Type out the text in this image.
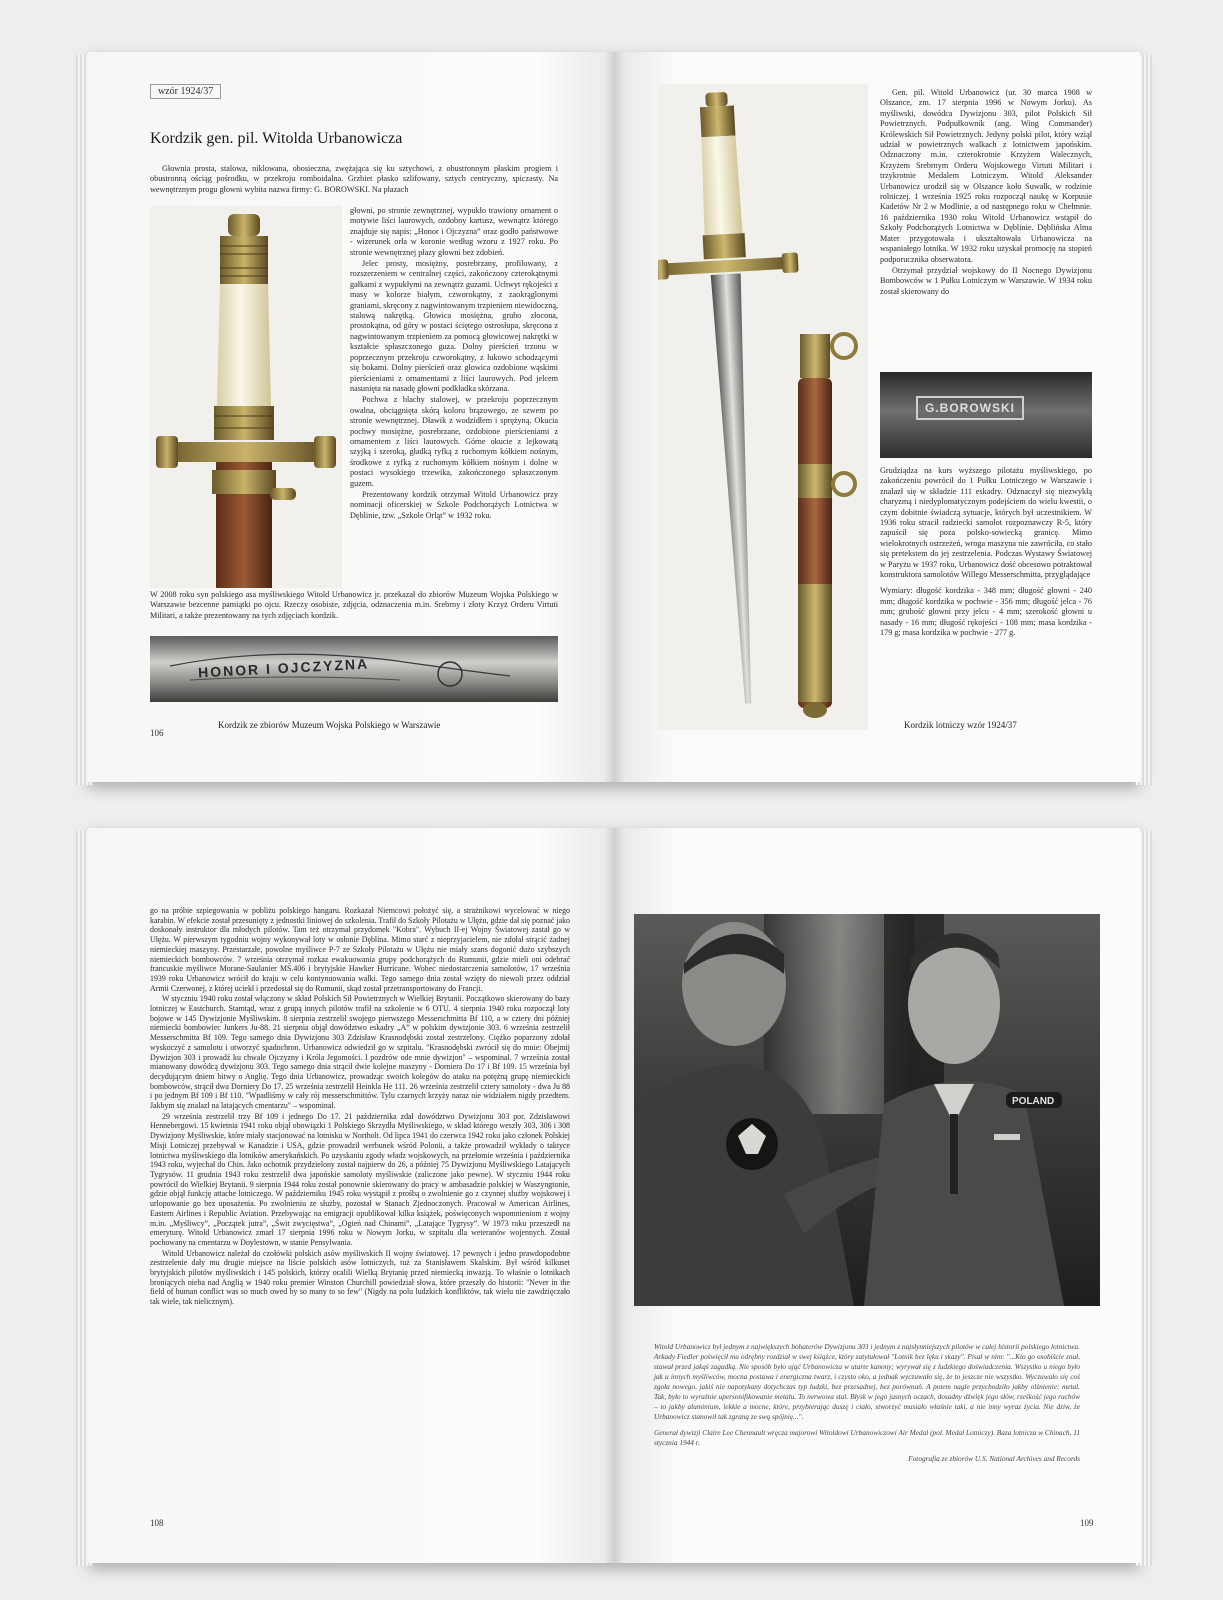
wzór 1924/37
Kordzik gen. pil. Witolda Urbanowicza

Głownia prosta, stalowa, niklowana, obosieczna, zwężająca się ku sztychowi, z obustronnym płaskim progiem i obustronną ościąg pośrodku, w przekroju romboidalna. Grzbiet płasko szlifowany, sztych centryczny, spiczasty. Na wewnętrznym progu głowni wybita nazwa firmy: G. BOROWSKI. Na płazach

głowni, po stronie zewnętrznej, wypukło trawiony ornament o motywie liści laurowych, ozdobny kartusz, wewnątrz którego znajduje się napis: „Honor i Ojczyzna” oraz godło państwowe - wizerunek orła w koronie według wzoru z 1927 roku. Po stronie wewnętrznej płazy głowni bez zdobień.

Jelec prosty, mosiężny, posrebrzany, profilowany, z rozszerzeniem w centralnej części, zakończony czterokątnymi gałkami z wypukłymi na zewnątrz guzami. Uchwyt rękojeści z masy w kolorze białym, czworokątny, z zaokrąglonymi graniami, skręcony z nagwintowanym trzpieniem niewidoczną, stalową nakrętką. Głowica mosiężna, grubo złocona, prostokątna, od góry w postaci ściętego ostrosłupa, skręcona z nagwintowanym trzpieniem za pomocą głowicowej nakrętki w kształcie spłaszczonego guza. Dolny pierścień trzonu w poprzecznym przekroju czworokątny, z łukowo schodzącymi się bokami. Dolny pierścień oraz głowica ozdobione wąskimi pierścieniami z ornamentami z liści laurowych. Pod jelcem nasunięta na nasadę głowni podkładka skórzana.

Pochwa z blachy stalowej, w przekroju poprzecznym owalna, obciągnięta skórą koloru brązowego, ze szwem po stronie wewnętrznej. Dławik z wodzidłem i sprężyną. Okucia pochwy mosiężne, posrebrzane, ozdobione pierścieniami z ornamentem z liści laurowych. Górne okucie z lejkowatą szyjką i szeroką, gładką ryfką z ruchomym kółkiem nośnym, środkowe z ryfką z ruchomym kółkiem nośnym i dolne w postaci wysokiego trzewika, zakończonego spłaszczonym guzem.

Prezentowany kordzik otrzymał Witold Urbanowicz przy nominacji oficerskiej w Szkole Podchorążych Lotnictwa w Dęblinie, tzw. „Szkole Orląt” w 1932 roku.

W 2008 roku syn polskiego asa myśliwskiego Witold Urbanowicz jr. przekazał do zbiorów Muzeum Wojska Polskiego w Warszawie bezcenne pamiątki po ojcu. Rzeczy osobiste, zdjęcia, odznaczenia m.in. Srebrny i złoty Krzyż Orderu Virtuti Militari, a także prezentowany na tych zdjęciach kordzik.

HONOR I OJCZYZNA
106
Kordzik ze zbiorów Muzeum Wojska Polskiego w Warszawie

Gen. pil. Witold Urbanowicz (ur. 30 marca 1908 w Olszance, zm. 17 sierpnia 1996 w Nowym Jorku). As myśliwski, dowódca Dywizjonu 303, pilot Polskich Sił Powietrznych. Podpułkownik (ang. Wing Commander) Królewskich Sił Powietrznych. Jedyny polski pilot, który wziął udział w powietrznych walkach z lotnictwem japońskim. Odznaczony m.in. czterokrotnie Krzyżem Walecznych, Krzyżem Srebrnym Orderu Wojskowego Virtuti Militari i trzykrotnie Medalem Lotniczym. Witold Aleksander Urbanowicz urodził się w Olszance koło Suwałk, w rodzinie rolniczej. 1 września 1925 roku rozpoczął naukę w Korpusie Kadetów Nr 2 w Modlinie, a od następnego roku w Chełmnie. 16 października 1930 roku Witold Urbanowicz wstąpił do Szkoły Podchorążych Lotnictwa w Dęblinie. Dęblińska Alma Mater przygotowała i ukształtowała Urbanowicza na wspaniałego lotnika. W 1932 roku uzyskał promocję na stopień podporucznika obserwatora.

Otrzymał przydział wojskowy do II Nocnego Dywizjonu Bombowców w 1 Pułku Lotniczym w Warszawie. W 1934 roku został skierowany do

G.BOROWSKI

Grudziądza na kurs wyższego pilotażu myśliwskiego, po zakończeniu powrócił do 1 Pułku Lotniczego w Warszawie i znalazł się w składzie 111 eskadry. Odznaczył się niezwykłą charyzmą i niedyplomatycznym podejściem do wielu kwestii, o czym dobitnie świadczą sytuacje, których był uczestnikiem. W 1936 roku stracił radziecki samolot rozpoznawczy R-5, który zapuścił się poza polsko-sowiecką granicę. Mimo wielokrotnych ostrzeżeń, wroga maszyna nie zawróciła, co stało się pretekstem do jej zestrzelenia. Podczas Wystawy Światowej w Paryżu w 1937 roku, Urbanowicz dość obcesowo potraktował konstruktora samolotów Willego Messerschmitta, przyglądające

Wymiary: długość kordzika - 348 mm; długość głowni - 240 mm; długość kordzika w pochwie - 356 mm; długość jelca - 76 mm; grubość głowni przy jelcu - 4 mm; szerokość głowni u nasady - 16 mm; długość rękojeści - 108 mm; masa kordzika - 179 g; masa kordzika w pochwie - 277 g.

Kordzik lotniczy wzór 1924/37

go na próbie szpiegowania w pobliżu polskiego hangaru. Rozkazał Niemcowi położyć się, a strażnikowi wycelować w niego karabin. W efekcie został przesunięty z jednostki liniowej do szkolenia. Trafił do Szkoły Pilotażu w Ułężu, gdzie dał się poznać jako doskonały instruktor dla młodych pilotów. Tam też otrzymał przydomek "Kobra". Wybuch II-ej Wojny Światowej zastał go w Ułężu. W pierwszym tygodniu wojny wykonywał loty w osłonie Dęblina. Mimo starć z nieprzyjacielem, nie zdołał strącić żadnej niemieckiej maszyny. Przestarzałe, powolne myśliwce P-7 ze Szkoły Pilotażu w Ułężu nie miały szans dogonić dużo szybszych niemieckich bombowców. 7 września otrzymał rozkaz ewakuowania grupy podchorążych do Rumunii, gdzie mieli oni odebrać francuskie myśliwce Morane-Saulanier MS.406 i brytyjskie Hawker Hurricane. Wobec niedostarczenia samolotów, 17 września 1939 roku Urbanowicz wrócił do kraju w celu kontynuowania walki. Tego samego dnia został wzięty do niewoli przez oddział Armii Czerwonej, z której uciekł i przedostał się do Rumunii, skąd został przetransportowany do Francji.

W styczniu 1940 roku został włączony w skład Polskich Sił Powietrznych w Wielkiej Brytanii. Początkowo skierowany do bazy lotniczej w Eastchurch. Stamtąd, wraz z grupą innych pilotów trafił na szkolenie w 6 OTU. 4 sierpnia 1940 roku rozpoczął loty bojowe w 145 Dywizjonie Myśliwskim. 8 sierpnia zestrzelił swojego pierwszego Messerschmitta Bf 110, a w cztery dni później niemiecki bombowiec Junkers Ju-88. 21 sierpnia objął dowództwo eskadry „A” w polskim dywizjonie 303. 6 września zestrzelił Messerschmitta Bf 109. Tego samego dnia Dywizjonu 303 Zdzisław Krasnodębski został zestrzelony. Ciężko poparzony zdołał wyskoczyć z samolotu i otworzyć spadochron. Urbanowicz odwiedził go w szpitalu. "Krasnodębski zwrócił się do mnie: Obejmij Dywizjon 303 i prowadź ku chwale Ojczyzny i Króla Jegomości. I pozdrów ode mnie dywizjon" – wspominał. 7 września został mianowany dowódcą dywizjonu 303. Tego samego dnia strącił dwie kolejne maszyny - Dorniera Do 17 i Bf 109. 15 września był decydującym dniem bitwy o Anglię. Tego dnia Urbanowicz, prowadząc swoich kolegów do ataku na potężną grupę niemieckich bombowców, strącił dwa Dorniery Do 17. 25 września zestrzelił Heinkla He 111. 26 września zestrzelił cztery samoloty - dwa Ju 88 i po jednym Bf 109 i Bf 110. "Wpadliśmy w cały rój messerschmittów. Tylu czarnych krzyży naraz nie widziałem nigdy przedtem. Jakbym się znalazł na latających cmentarzu" – wspominał.

29 września zestrzelił trzy Bf 109 i jednego Do 17. 21 października zdał dowództwo Dywizjonu 303 por. Zdzisławowi Hennebergowi. 15 kwietnia 1941 roku objął obowiązki 1 Polskiego Skrzydła Myśliwskiego, w skład którego weszły 303, 306 i 308 Dywizjony Myśliwskie, które miały stacjonować na lotnisku w Northolt. Od lipca 1941 do czerwca 1942 roku jako członek Polskiej Misji Lotniczej przebywał w Kanadzie i USA, gdzie prowadził werbunek wśród Polonii, a także prowadził wykłady o taktyce lotnictwa myśliwskiego dla lotników amerykańskich. Po uzyskaniu zgody władz wojskowych, na przełomie września i października 1943 roku, wyjechał do Chin. Jako ochotnik przydzielony został najpierw do 26, a później 75 Dywizjonu Myśliwskiego Latających Tygrysów. 11 grudnia 1943 roku zestrzelił dwa japońskie samoloty myśliwskie (zaliczone jako pewne). W styczniu 1944 roku powrócił do Wielkiej Brytanii. 9 sierpnia 1944 roku został ponownie skierowany do pracy w ambasadzie polskiej w Waszyngtonie, gdzie objął funkcję attache lotniczego. W październiku 1945 roku wystąpił z prośbą o zwolnienie go z czynnej służby wojskowej i urlopowanie go bez uposażenia. Po zwolnieniu ze służby, pozostał w Stanach Zjednoczonych. Pracował w American Airlines, Eastern Airlines i Republic Aviation. Przebywając na emigracji opublikował kilka książek, poświęconych wspomnieniom z wojny m.in. „Myśliwcy”, „Początek jutra”, „Świt zwycięstwa”, „Ogień nad Chinami”, „Latające Tygrysy”. W 1973 roku przeszedł na emeryturę. Witold Urbanowicz zmarł 17 sierpnia 1996 roku w Nowym Jorku, w szpitalu dla weteranów wojennych. Został pochowany na cmentarzu w Doylestown, w stanie Pensylwania.

Witold Urbanowicz należał do czołówki polskich asów myśliwskich II wojny światowej. 17 pewnych i jedno prawdopodobne zestrzelenie dały mu drugie miejsce na liście polskich asów lotniczych, tuż za Stanisławem Skalskim. Był wśród kilkuset brytyjskich pilotów myśliwskich i 145 polskich, którzy ocalili Wielką Brytanię przed niemiecką inwazją. To właśnie o lotnikach broniących nieba nad Anglią w 1940 roku premier Winston Churchill powiedział słowa, które przeszły do historii: "Never in the field of human conflict was so much owed by so many to so few" (Nigdy na polu ludzkich konfliktów, tak wielu nie zawdzięczało tak wiele, tak nielicznym).

108
POLAND

Witold Urbanowicz był jednym z największych bohaterów Dywizjonu 303 i jednym z najsłynniejszych pilotów w całej historii polskiego lotnictwa. Arkady Fiedler poświęcił mu odrębny rozdział w swej książce, który zatytułował "Lotnik bez lęku i skazy". Pisał w nim: "...Kto go osobiście znał, stawał przed jakąś zagadką. Nie sposób było ująć Urbanowicza w utarte kanony; wyrywał się z ludzkiego doświadczenia. Wszystko u niego było jak u innych myśliwców, mocna postawa i energiczna twarz, i czysto oko, a jednak wyczuwało się, że to jeszcze nie wszystko. Wyczuwało się coś zgoła nowego, jakiś nie napotykany dotychczas typ ludzki, bez przesadnej, bez porównań. A potem nagle przychodziło jakby olśnienie: metal. Tak, było to wyraźnie upersonifikowanie metalu. To nerwowa stal. Błysk w jego jasnych oczach, dosadny dźwięk jego słów, rześkość jego ruchów – to jakby aluminium, lekkie a mocne, które, przybierając duszę i ciało, stworzyć musiało właśnie taki, a nie inny wyraz życia. Nie dziw, że Urbanowicz stanowił tak zgraną ze swą spójnię...".

Generał dywizji Claire Lee Chennault wręcza majorowi Witoldowi Urbanowiczowi Air Medal (pol. Medal Lotniczy). Baza lotnicza w Chinach, 11 stycznia 1944 r.

Fotografia ze zbiorów U.S. National Archives and Records

109
